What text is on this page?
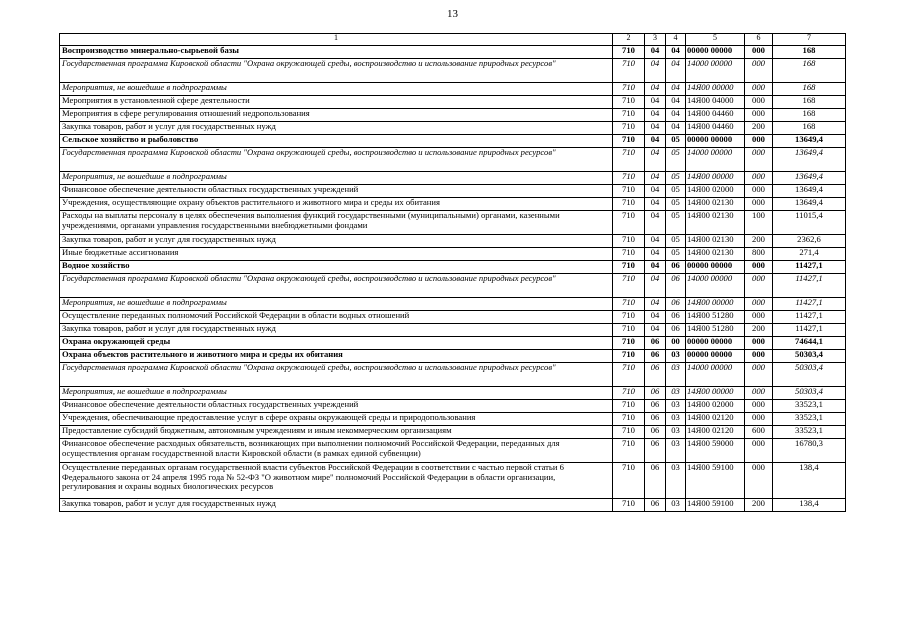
13
1	2	3	4	5	6	7
Воспроизводство минерально-сырьевой базы	710	04	04	00000 00000	000	168
Государственная программа Кировской области "Охрана окружающей среды, воспроизводство и использование природных ресурсов"	710	04	04	14000 00000	000	168
Мероприятия, не вошедшие в подпрограммы	710	04	04	14Я00 00000	000	168
Мероприятия в установленной сфере деятельности	710	04	04	14Я00 04000	000	168
Мероприятия в сфере регулирования отношений недропользования	710	04	04	14Я00 04460	000	168
Закупка товаров, работ и услуг для государственных нужд	710	04	04	14Я00 04460	200	168
Сельское хозяйство и рыболовство	710	04	05	00000 00000	000	13649,4
Государственная программа Кировской области "Охрана окружающей среды, воспроизводство и использование природных ресурсов"	710	04	05	14000 00000	000	13649,4
Мероприятия, не вошедшие в подпрограммы	710	04	05	14Я00 00000	000	13649,4
Финансовое обеспечение деятельности областных государственных учреждений	710	04	05	14Я00 02000	000	13649,4
Учреждения, осуществляющие охрану объектов растительного и животного мира и среды их обитания	710	04	05	14Я00 02130	000	13649,4
Расходы на выплаты персоналу в целях обеспечения выполнения функций государственными (муниципальными) органами, казенными учреждениями, органами управления государственными внебюджетными фондами	710	04	05	14Я00 02130	100	11015,4
Закупка товаров, работ и услуг для государственных нужд	710	04	05	14Я00 02130	200	2362,6
Иные бюджетные ассигнования	710	04	05	14Я00 02130	800	271,4
Водное хозяйство	710	04	06	00000 00000	000	11427,1
Государственная программа Кировской области "Охрана окружающей среды, воспроизводство и использование природных ресурсов"	710	04	06	14000 00000	000	11427,1
Мероприятия, не вошедшие в подпрограммы	710	04	06	14Я00 00000	000	11427,1
Осуществление переданных полномочий Российской Федерации в области водных отношений	710	04	06	14Я00 51280	000	11427,1
Закупка товаров, работ и услуг для государственных нужд	710	04	06	14Я00 51280	200	11427,1
Охрана окружающей среды	710	06	00	00000 00000	000	74644,1
Охрана объектов растительного и животного мира и среды их обитания	710	06	03	00000 00000	000	50303,4
Государственная программа Кировской области "Охрана окружающей среды, воспроизводство и использование природных ресурсов"	710	06	03	14000 00000	000	50303,4
Мероприятия, не вошедшие в подпрограммы	710	06	03	14Я00 00000	000	50303,4
Финансовое обеспечение деятельности областных государственных учреждений	710	06	03	14Я00 02000	000	33523,1
Учреждения, обеспечивающие предоставление услуг в сфере охраны окружающей среды и природопользования	710	06	03	14Я00 02120	000	33523,1
Предоставление субсидий бюджетным, автономным учреждениям и иным некоммерческим организациям	710	06	03	14Я00 02120	600	33523,1
Финансовое обеспечение расходных обязательств, возникающих при выполнении полномочий Российской Федерации, переданных для осуществления органам государственной власти Кировской области (в рамках единой субвенции)	710	06	03	14Я00 59000	000	16780,3
Осуществление переданных органам государственной власти субъектов Российской Федерации в соответствии с частью первой статьи 6 Федерального закона от 24 апреля 1995 года № 52-ФЗ "О животном мире" полномочий Российской Федерации в области организации, регулирования и охраны водных биологических ресурсов	710	06	03	14Я00 59100	000	138,4
Закупка товаров, работ и услуг для государственных нужд	710	06	03	14Я00 59100	200	138,4
